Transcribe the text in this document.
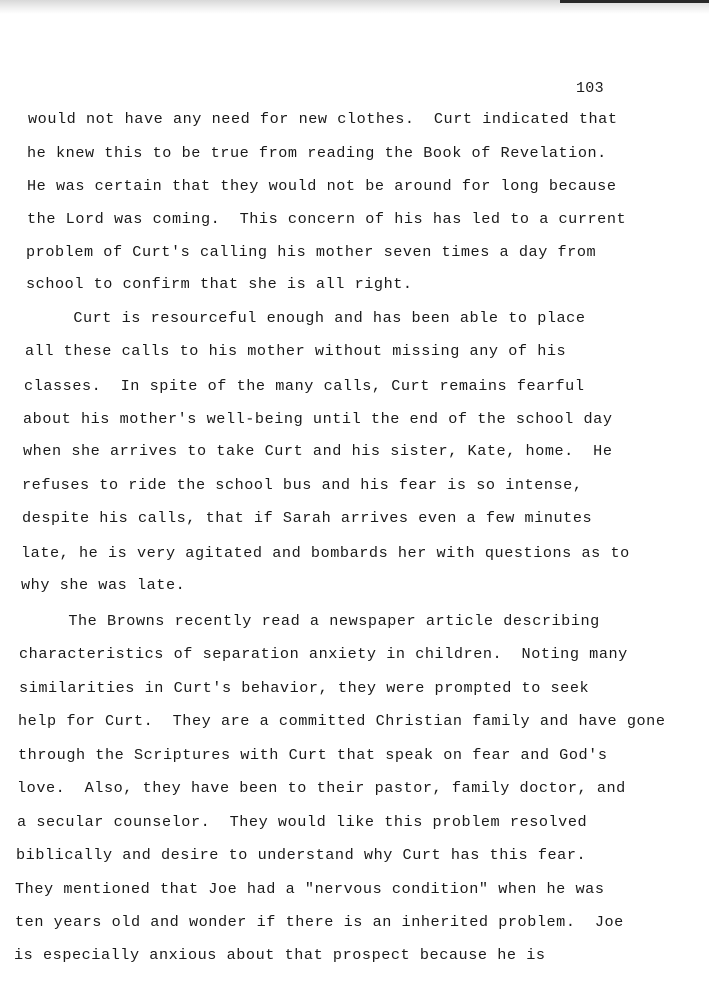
103
would not have any need for new clothes.  Curt indicated that
he knew this to be true from reading the Book of Revelation.
He was certain that they would not be around for long because
the Lord was coming.  This concern of his has led to a current
problem of Curt's calling his mother seven times a day from
school to confirm that she is all right.
Curt is resourceful enough and has been able to place
all these calls to his mother without missing any of his
classes.  In spite of the many calls, Curt remains fearful
about his mother's well-being until the end of the school day
when she arrives to take Curt and his sister, Kate, home.  He
refuses to ride the school bus and his fear is so intense,
despite his calls, that if Sarah arrives even a few minutes
late, he is very agitated and bombards her with questions as to
why she was late.
The Browns recently read a newspaper article describing
characteristics of separation anxiety in children.  Noting many
similarities in Curt's behavior, they were prompted to seek
help for Curt.  They are a committed Christian family and have gone
through the Scriptures with Curt that speak on fear and God's
love.  Also, they have been to their pastor, family doctor, and
a secular counselor.  They would like this problem resolved
biblically and desire to understand why Curt has this fear.
They mentioned that Joe had a "nervous condition" when he was
ten years old and wonder if there is an inherited problem.  Joe
is especially anxious about that prospect because he is
